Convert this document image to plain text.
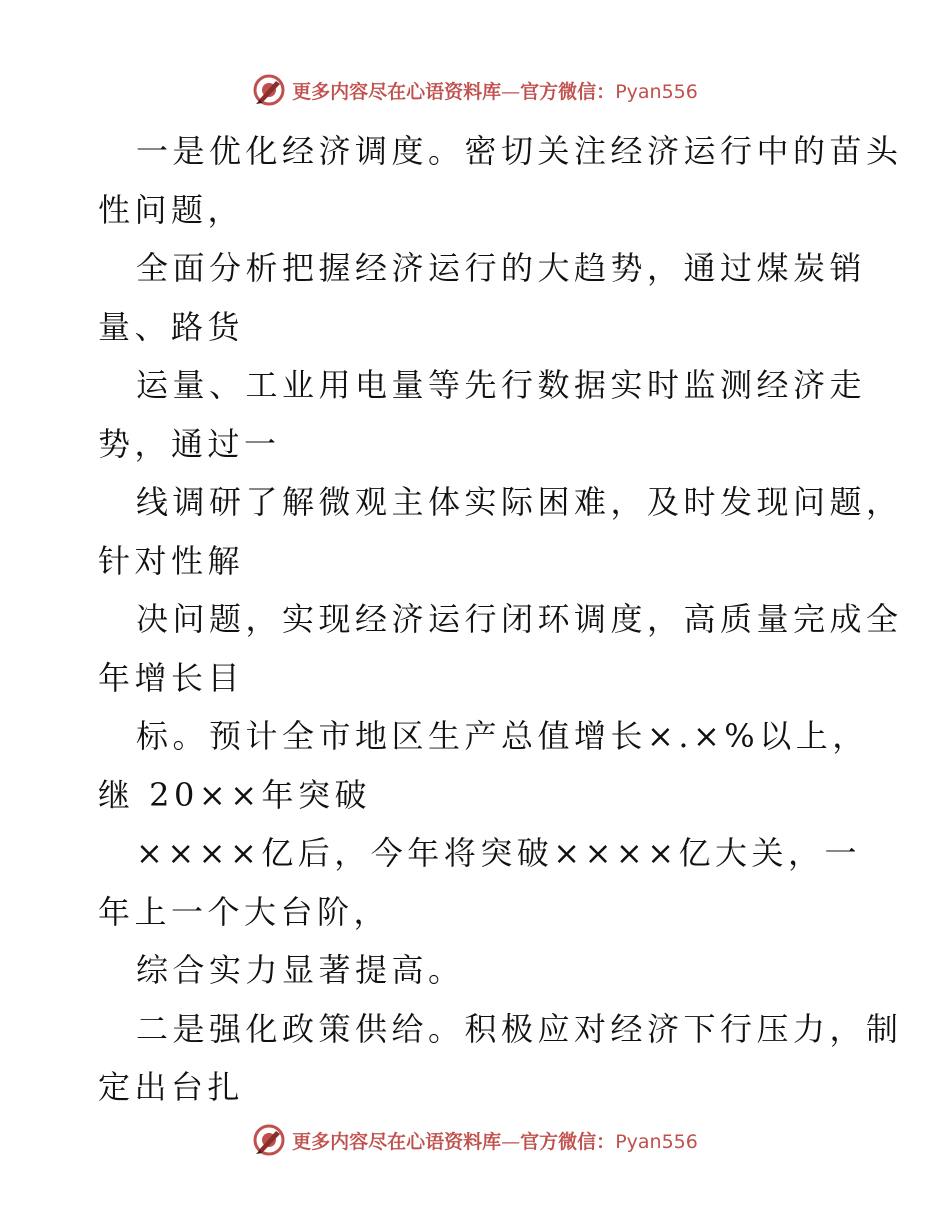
更多内容尽在心语资料库—官方微信：Pyan556
一是优化经济调度。密切关注经济运行中的苗头
性问题，
全面分析把握经济运行的大趋势，通过煤炭销
量、路货
运量、工业用电量等先行数据实时监测经济走
势，通过一
线调研了解微观主体实际困难，及时发现问题，
针对性解
决问题，实现经济运行闭环调度，高质量完成全
年增长目
标。预计全市地区生产总值增长×.×%以上，
继 20××年突破
××××亿后，今年将突破××××亿大关，一
年上一个大台阶，
综合实力显著提高。
二是强化政策供给。积极应对经济下行压力，制
定出台扎
更多内容尽在心语资料库—官方微信：Pyan556
